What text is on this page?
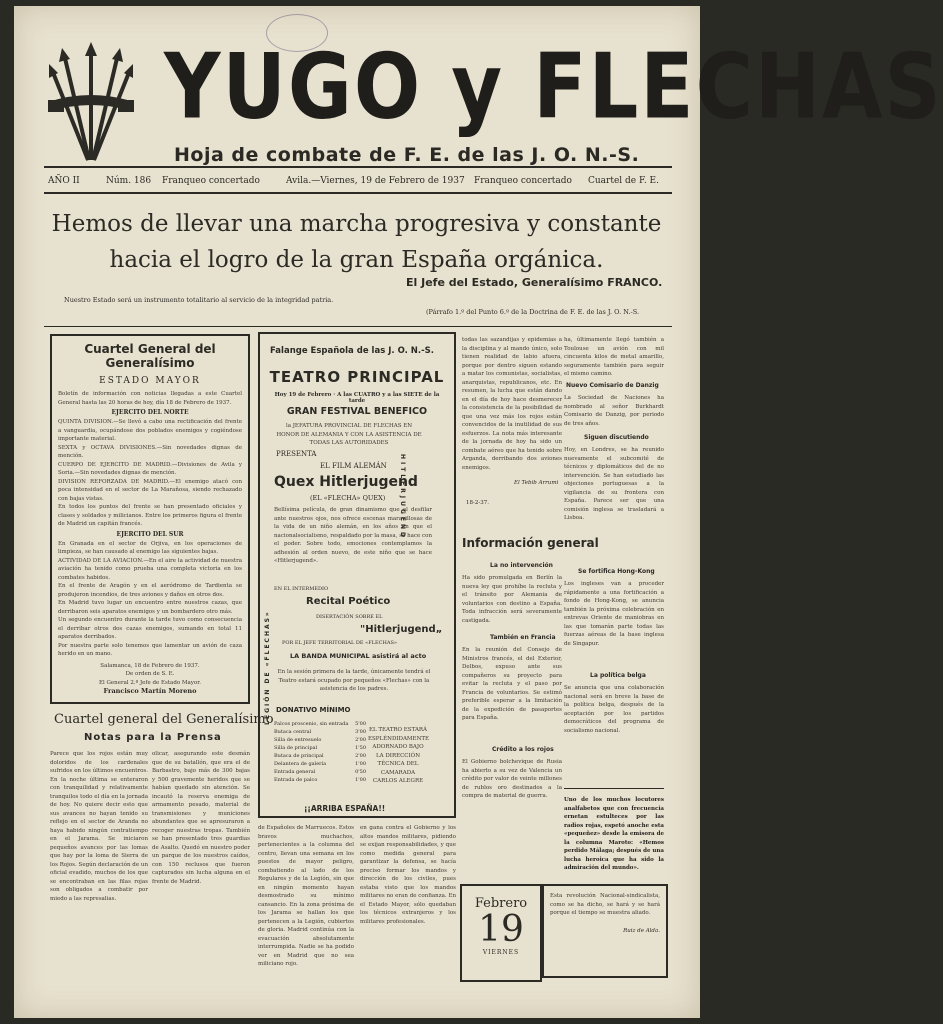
YUGO y FLECHAS
Hoja de combate de F. E. de las J. O. N.-S.
AÑO II	Núm. 186 Franqueo concertado	Avila.—Viernes, 19 de Febrero de 1937 Franqueo concertado Cuartel de F. E.
Hemos de llevar una marcha progresiva y constante hacia el logro de la gran España orgánica.
El Jefe del Estado, Generalísimo FRANCO.
Nuestro Estado será un instrumento totalitario al servicio de la integridad patria.
(Párrafo 1.º del Punto 6.º de la Doctrina de F. E. de las J. O. N.-S.
Cuartel General del Generalísimo
ESTADO MAYOR
Boletín de información con noticias llegadas a este Cuartel General hasta las 20 horas de hoy, día 18 de Febrero de 1937.
EJERCITO DEL NORTE
QUINTA DIVISION.—Se llevó a cabo una rectificación del frente a vanguardia, ocupándose dos poblados enemigos y cogiéndose importante material.
SEXTA y OCTAVA DIVISIONES.—Sin novedades dignas de mención.
CUERPO DE EJERCITO DE MADRID.—Divisiones de Avila y Soria.—Sin novedades dignas de mención.
DIVISION REFORZADA DE MADRID.—El enemigo atacó con poca intensidad en el sector de La Marañosa, siendo rechazado con bajas vistas.
En todos los puntos del frente se han presentado oficiales y clases y soldados y milicianos. Entre los primeros figura el frente de Madrid un capitán francés.
EJERCITO DEL SUR
En Granada en el sector de Orjiva, en los operaciones de limpieza, se han causado al enemigo las siguientes bajas.
ACTIVIDAD DE LA AVIACION.—En el aire la actividad de nuestra aviación ha tenido como prueba una completa victoria en los combates habidos.
En el frente de Aragón y en el aeródromo de Tardienta se produjeron incendios, de tres aviones y daños en otros dos.
En Madrid tuvo lugar un encuentro entre nuestros cazas, que derribaron seis aparatos enemigos y un bombardero otro más.
Un segundo encuentro durante la tarde tuvo como consecuencia el derribar otros dos cazas enemigos, sumando en total 11 aparatos derribados.
Por nuestra parte solo tenemos que lamentar un avión de caza herido en un mano.
Salamanca, 18 de Febrero de 1937.
De orden de S. E.
El General 2.º Jefe de Estado Mayor.
Francisco Martín Moreno
Cuartel general del Generalísimo
Notas para la Prensa
Parece que los rojos están muy doloridos de los cardenales sufridos en los últimos encuentros. En la noche última se enteraron con tranquilidad y relativamente tranquilos todo el día en la jornada de hoy. No quiere decir esto que sus avances no hayan tenido su reflejo en el sector de Aranda no haya habido ningún contratiempo en el Jarama. Se iniciaron pequeños avances por las lomas que hay por la loma de Sierra de los Rojos. Según declaración de un oficial evadido, muchos de los que se encontraban en las filas rojas son obligados a combatir por miedo a las represalias.
olicar, asegurando este desmán que de su batallón, que era el de Barbastro, bajo más de 300 bajas y 500 gravemente heridos que se habían quedado sin atención. Se incautó la reserva enemiga de armamento pesado, material de transmisiones y municiones abundantes que se apresuraron a recoger nuestras tropas. También se han presentado tres guardias de Asalto. Quedó en nuestro poder un parque de los nuestros caídos, con 150 reclusos que fueron capturados sin lucha alguna en el frente de Madrid.
de Españoles de Marruecos. Estos bravos muchachos, pertenecientes a la columna del centro, llevan una semana en los puestos de mayor peligro, combatiendo al lado de los Regulares y de la Legión, sin que en ningún momento hayan desmostrado su mínimo cansancio. En la zona próxima de los Jarama se hallan los que pertenecen a la Legión, cubiertos de gloria. Madrid continúa con la evacuación absolutamente interrumpida. Nadie se ha podido ver en Madrid que no sea miliciano rojo.
en gana contra el Gobierno y los altos mandos militares, pidiendo se exijan responsabilidades, y que como medida general para garantizar la defensa, se hacía preciso formar los mandos y dirección de los civiles, pues estaba visto que los mandos militares no eran de confianza. En el Estado Mayor, sólo quedaban los técnicos extranjeros y los militares profesionales.
Falange Española de las J. O. N.-S.
TEATRO PRINCIPAL
Hoy 19 de Febrero · A las CUATRO y a las SIETE de la tarde
GRAN FESTIVAL BENEFICO
la JEFATURA PROVINCIAL DE FLECHAS EN HONOR DE ALEMANIA Y CON LA ASISTENCIA DE TODAS LAS AUTORIDADES
PRESENTA
EL FILM ALEMÁN
Quex Hitlerjugend
(EL «FLECHA» QUEX)
Bellísima película, de gran dinamismo que al desfilar ante nuestros ojos, nos ofrece escenas maravillosas de la vida de un niño alemán, en los años en que el nacionalsocialismo, respaldado por la masa, se hace con el poder. Sobre todo, emociones contemplamos la adhesión al orden nuevo, de este niño que se hace «Hitlerjugend».
EN EL INTERMEDIO
Recital Poético
DISERTACIÓN SOBRE EL
"Hitlerjugend„
POR EL JEFE TERRITORIAL DE «FLECHAS»
LA BANDA MUNICIPAL asistirá al acto
En la sesión primera de la tarde, únicamente tendrá el Teatro estará ocupado por pequeños «Flechas» con la asistencia de los padres.
DONATIVO MÍNIMO
Palcos proscenio, sin entrada 5'00
Butaca central	3'00
Silla de entresuelo	2'00
Silla de principal	1'50
Butaca de principal	2'00
Delantera de galería	1'00
Entrada general	0'50
Entrada de palco	1'00
EL TEATRO ESTARÁ ESPLÉNDIDAMENTE ADORNADO BAJO LA DIRECCIÓN TÉCNICA DEL CAMARADA CARLOS ALEGRE
¡¡ARRIBA ESPAÑA!!
LEGIÓN DE «FLECHAS»
HITLERJUGEND
todas las sazandijas y epidemias a la disciplina y al mando único, solo tienen realidad de labio afuera, porque por dentro siguen estando a matar los comunistas, socialistas, anarquistas, republicanos, etc. En resumen, la lucha que están dando en el día de hoy hace desmerecer la consistencia de la posibilidad de que una vez más los rojos están convencidos de la inutilidad de sus esfuerzos. La nota más interesante de la jornada de hoy ha sido un combate aéreo que ha tenido sobre Arganda, derribando dos aviones enemigos.
El Tebib Arrumi
18-2-37.
Información general
La no intervención
Ha sido promulgada en Berlín la nueva ley que prohíbe la recluta y el tránsito por Alemania de voluntarios con destino a España. Toda infracción será severamente castigada.
También en Francia
En la reunión del Consejo de Ministros francés, el del Exterior, Delbos, expuso ante sus compañeros su proyecto para evitar la recluta y el paso por Francia de voluntarios. Se estimó preferible esperar a la limitación de la expedición de pasaportes para España.
Crédito a los rojos
El Gobierno bolchevique de Rusia ha abierto a su vez de Valencia un crédito por valor de veinte millones de rublos oro destinados a la compra de material de guerra.
ha, últimamente llegó también a Toulouse un avión con mil cincuenta kilos de metal amarillo, seguramente también para seguir el mismo camino.
Nuevo Comisario de Danzig
La Sociedad de Naciones ha nombrado al señor Burkhardt Comisario de Danzig, por periodo de tres años.
Siguen discutiendo
Hoy, en Londres, se ha reunido nuevamente el subcomité de técnicos y diplomáticos del de no intervención. Se han estudiado las objeciones portuguesas a la vigilancia de su frontera con España. Parece ser que una comisión inglesa se trasladará a Lisboa.
Se fortifica Hong-Kong
Los ingleses van a proceder rápidamente a una fortificación a fondo de Hong-Kong, se anuncia también la próxima celebración en entrevas Oriente de maniobras en las que tomarán parte todas las fuerzas aéreas de la base inglesa de Singapur.
La política belga
Se anuncia que una colaboración nacional será en breve la base de la política belga, después de la aceptación por los partidos democráticos del programa de socialismo nacional.
Uno de los muchos locutores analfabetos que con frecuencia ernetan estulteces por las radios rojas, espetó anoche esta «pequeñez» desde la emisora de la columna Maroto: «Hemos perdido Málaga; después de una lucha heroica que ha sido la admiración del mundo».
Febrero
19
VIERNES
Esta revolución Nacional-sindicalista, como se ha dicho, se hará y se hará porque el tiempo se muestra aliado.
Ruiz de Alda.
